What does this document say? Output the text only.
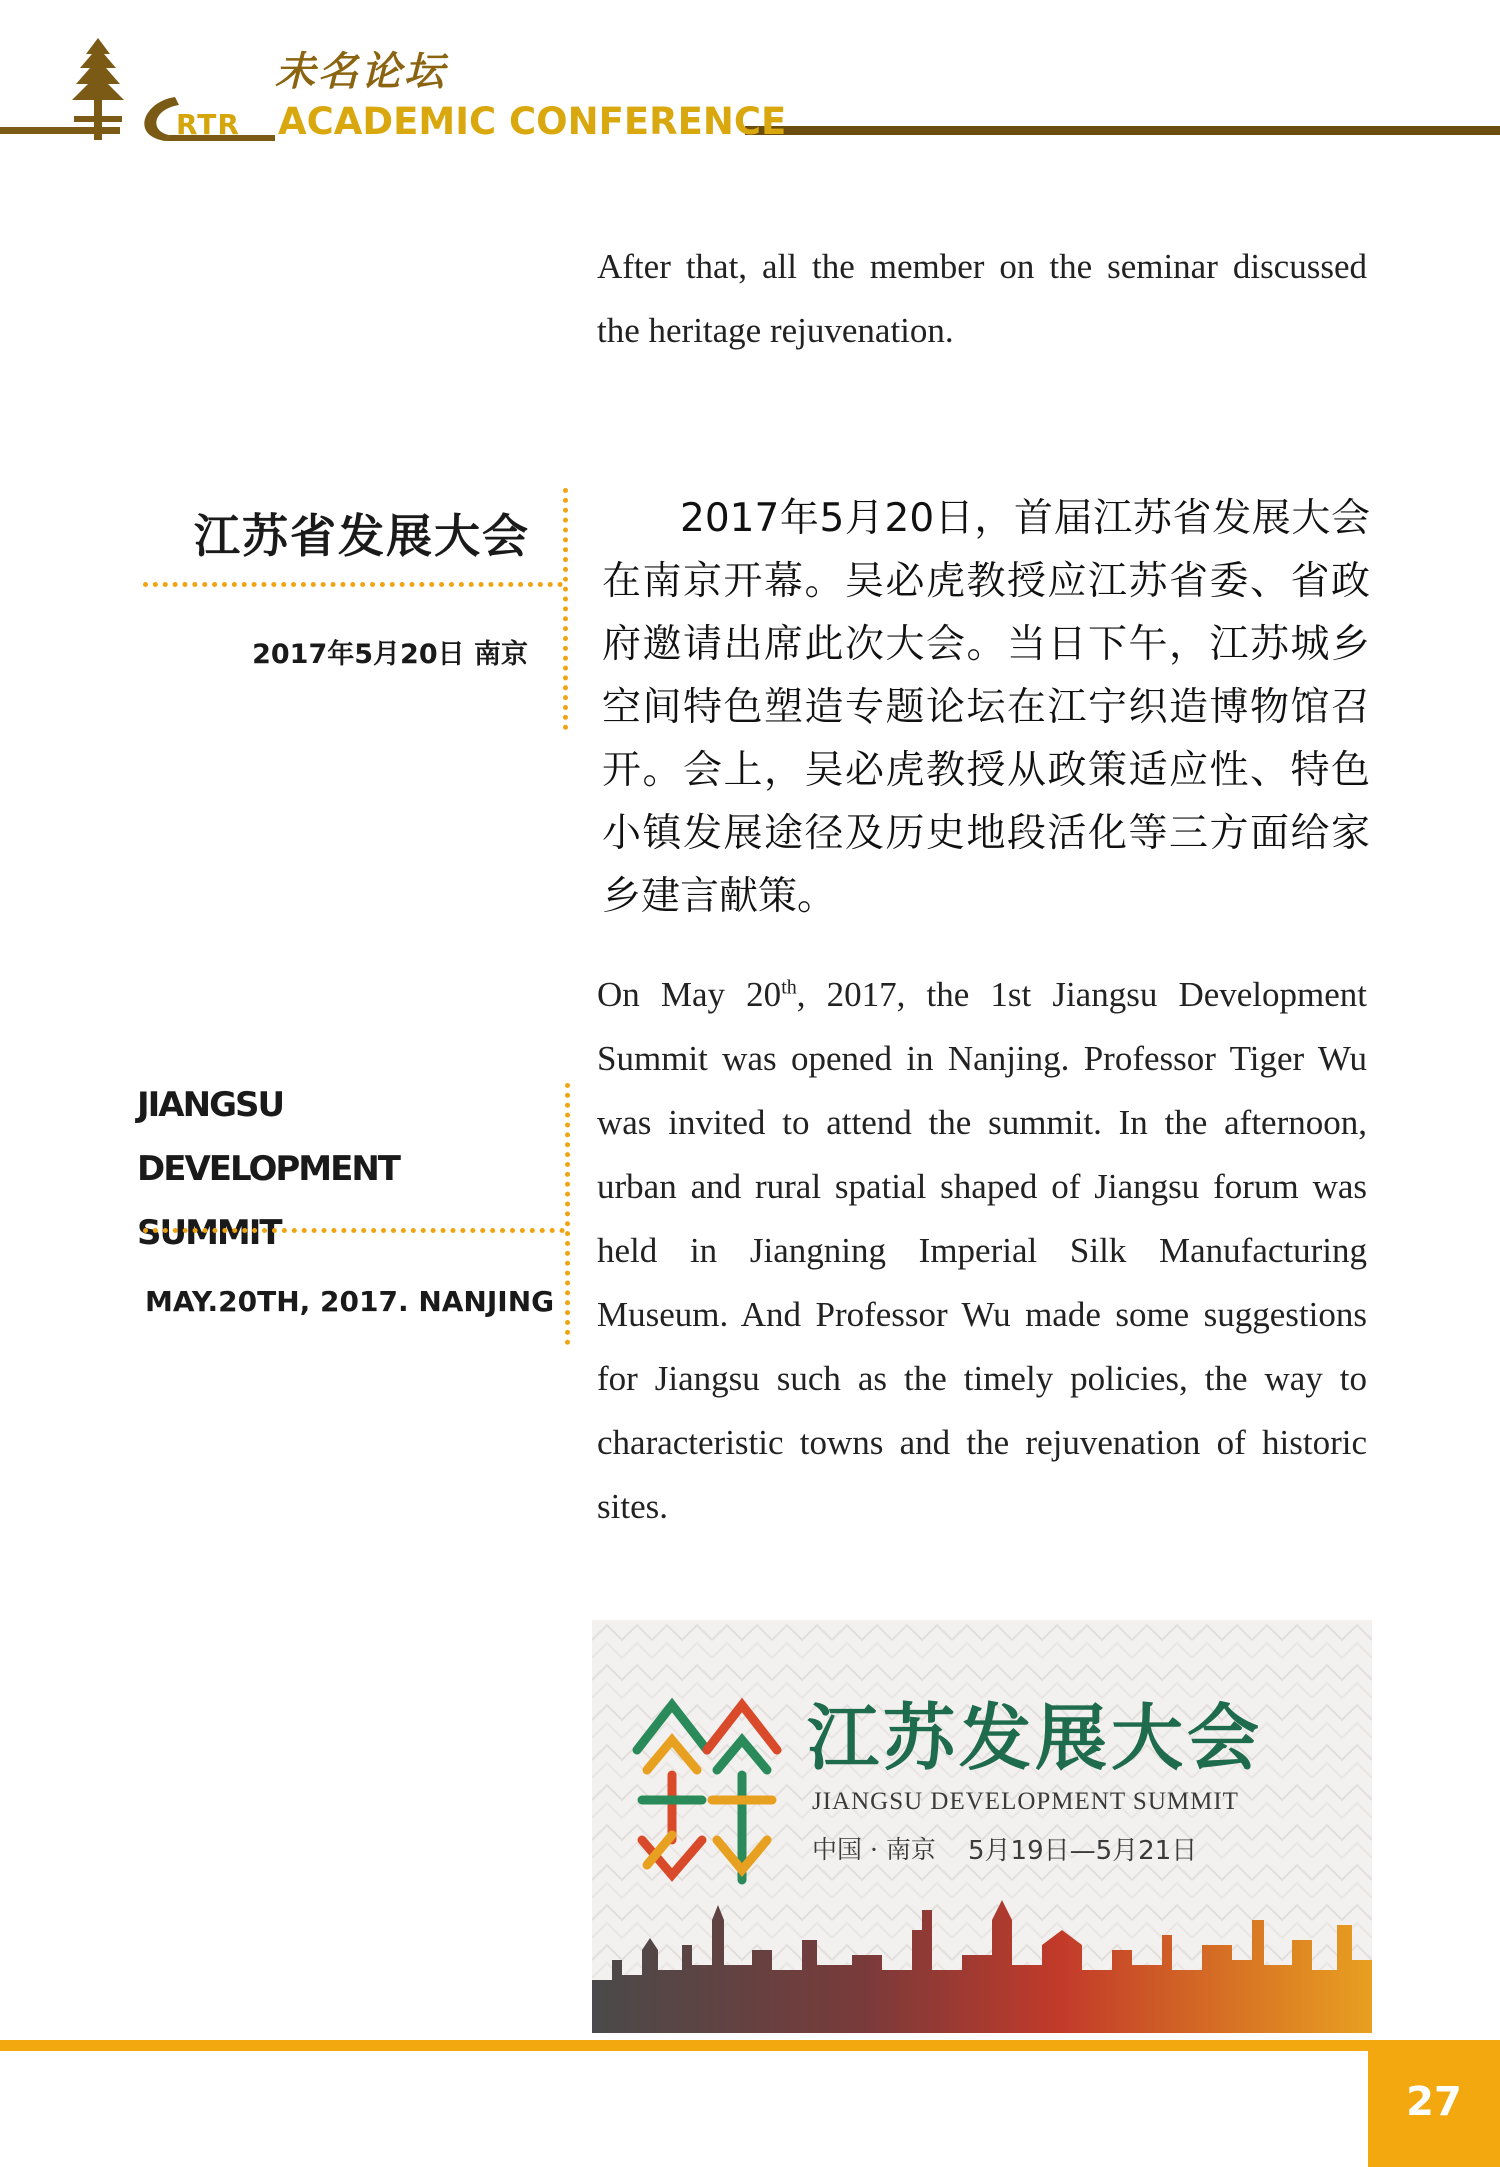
未名论坛
RTR ACADEMIC CONFERENCE
After that, all the member on the seminar discussed the heritage rejuvenation.
江苏省发展大会
2017年5月20日 南京
JIANGSU DEVELOPMENT SUMMIT
MAY.20TH, 2017. NANJING
2017年5月20日，首届江苏省发展大会在南京开幕。吴必虎教授应江苏省委、省政府邀请出席此次大会。当日下午，江苏城乡空间特色塑造专题论坛在江宁织造博物馆召开。会上，吴必虎教授从政策适应性、特色小镇发展途径及历史地段活化等三方面给家乡建言献策。
On May 20th, 2017, the 1st Jiangsu Development Summit was opened in Nanjing. Professor Tiger Wu was invited to attend the summit. In the afternoon, urban and rural spatial shaped of Jiangsu forum was held in Jiangning Imperial Silk Manufacturing Museum. And Professor Wu made some suggestions for Jiangsu such as the timely policies, the way to characteristic towns and the rejuvenation of historic sites.
江苏发展大会
JIANGSU DEVELOPMENT SUMMIT
中国 · 南京 5月19日—5月21日
27
